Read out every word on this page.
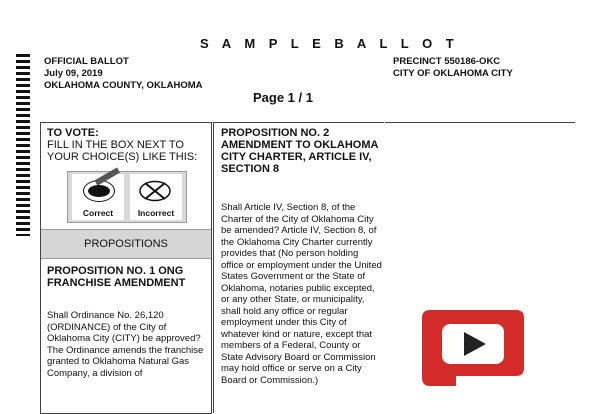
S A M P L E B A L L O T
OFFICIAL BALLOT
July 09, 2019
OKLAHOMA COUNTY, OKLAHOMA
PRECINCT 550186-OKC
CITY OF OKLAHOMA CITY
Page 1 / 1
TO VOTE:
FILL IN THE BOX NEXT TO YOUR CHOICE(S) LIKE THIS:
Correct	Incorrect
PROPOSITIONS
PROPOSITION NO. 1 ONG FRANCHISE AMENDMENT
Shall Ordinance No. 26,120 (ORDINANCE) of the City of Oklahoma City (CITY) be approved? The Ordinance amends the franchise granted to Oklahoma Natural Gas Company, a division of
PROPOSITION NO. 2 AMENDMENT TO OKLAHOMA CITY CHARTER, ARTICLE IV, SECTION 8
Shall Article IV, Section 8, of the Charter of the City of Oklahoma City be amended? Article IV, Section 8, of the Oklahoma City Charter currently provides that (No person holding office or employment under the United States Government or the State of Oklahoma, notaries public excepted, or any other State, or municipality, shall hold any office or regular employment under this City of whatever kind or nature, except that members of a Federal, County or State Advisory Board or Commission may hold office or serve on a City Board or Commission.)
